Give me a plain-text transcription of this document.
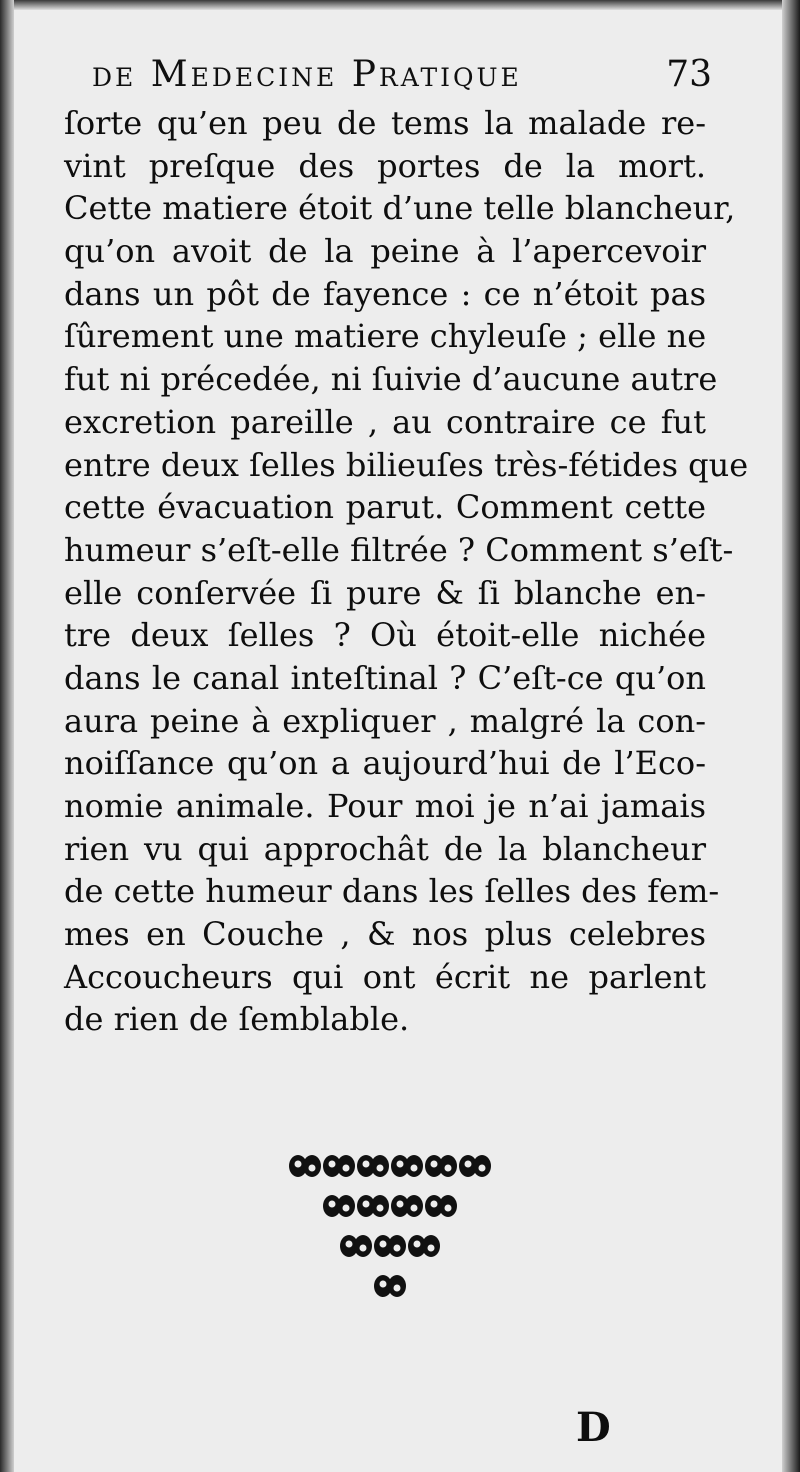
de Medecine Pratique	73
ſorte qu’en peu de tems la malade re-
vint preſque des portes de la mort.
Cette matiere étoit d’une telle blancheur,
qu’on avoit de la peine à l’apercevoir
dans un pôt de fayence : ce n’étoit pas
ſûrement une matiere chyleuſe ; elle ne
fut ni précedée, ni ſuivie d’aucune autre
excretion pareille , au contraire ce fut
entre deux ſelles bilieuſes très-fétides que
cette évacuation parut. Comment cette
humeur s’eſt-elle filtrée ? Comment s’eſt-
elle conſervée ſi pure & ſi blanche en-
tre deux ſelles ? Où étoit-elle nichée
dans le canal inteſtinal ? C’eſt-ce qu’on
aura peine à expliquer , malgré la con-
noiſſance qu’on a aujourd’hui de l’Eco-
nomie animale. Pour moi je n’ai jamais
rien vu qui approchât de la blancheur
de cette humeur dans les ſelles des fem-
mes en Couche , & nos plus celebres
Accoucheurs qui ont écrit ne parlent
de rien de ſemblable.
D
